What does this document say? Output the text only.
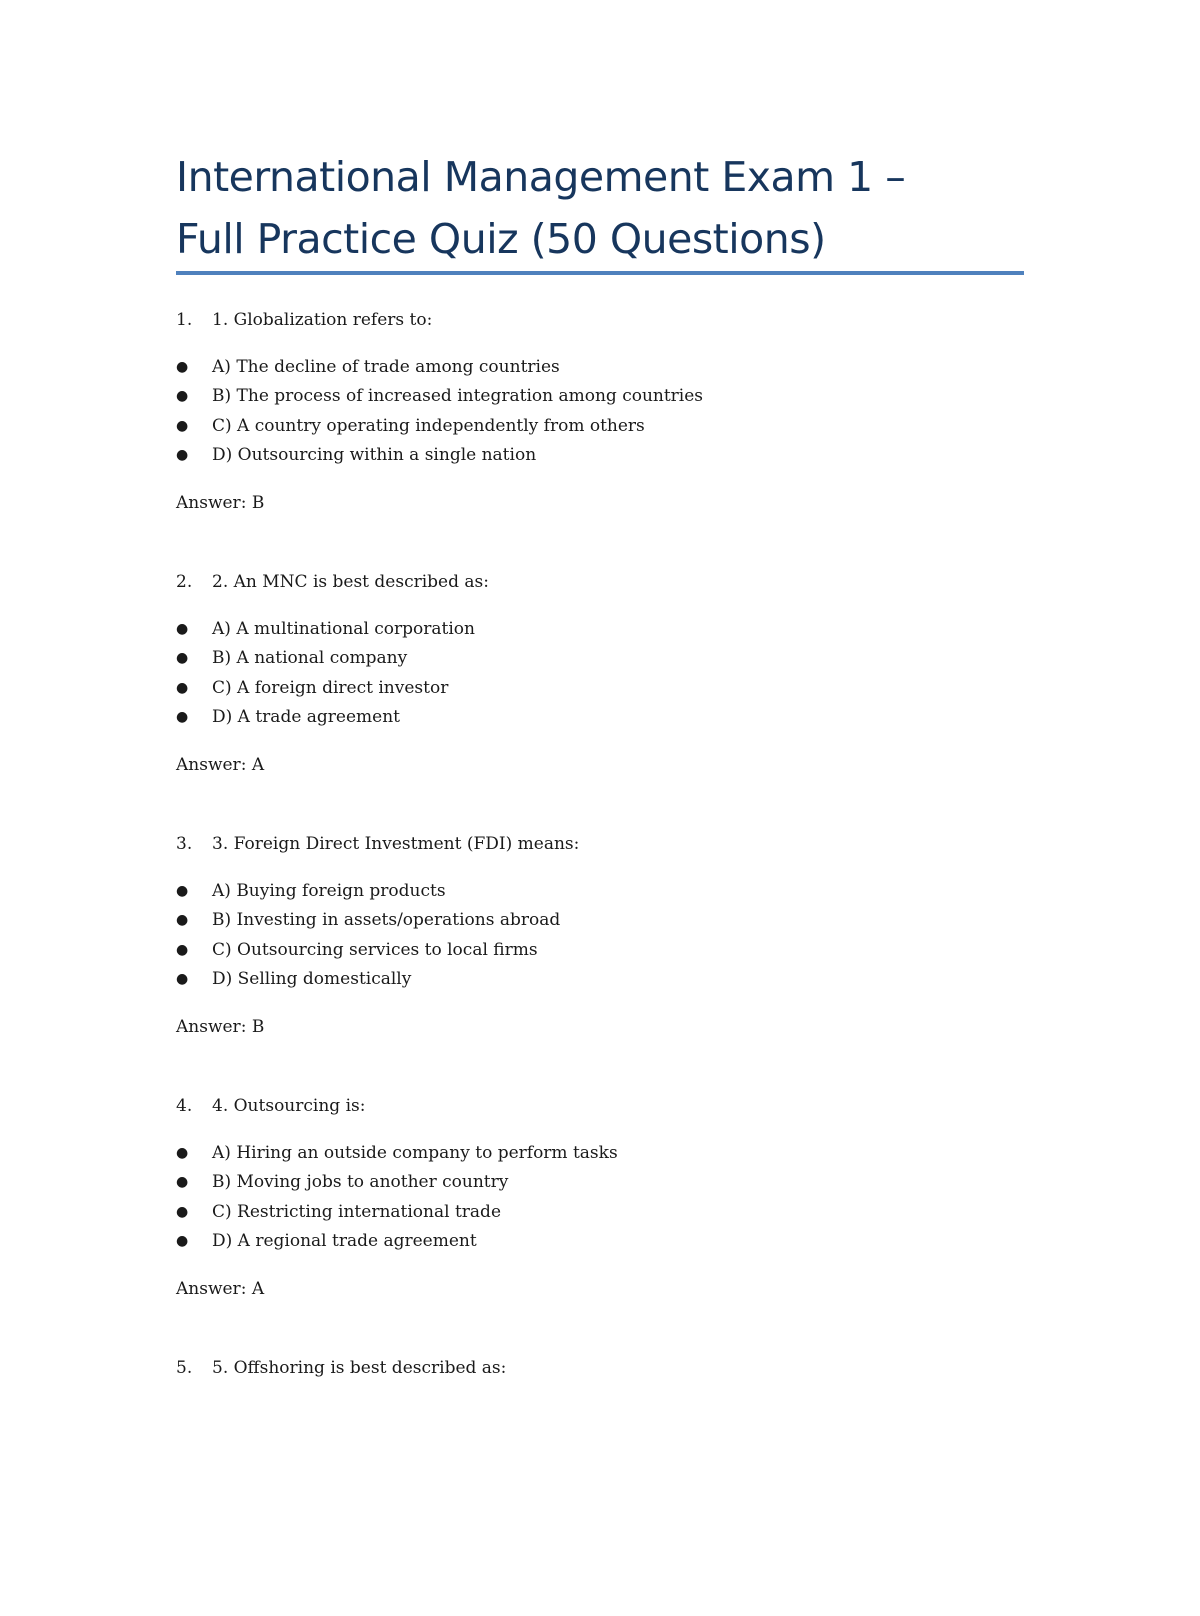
International Management Exam 1 –
Full Practice Quiz (50 Questions)
1. 1. Globalization refers to:
● A) The decline of trade among countries
● B) The process of increased integration among countries
● C) A country operating independently from others
● D) Outsourcing within a single nation
Answer: B
2. 2. An MNC is best described as:
● A) A multinational corporation
● B) A national company
● C) A foreign direct investor
● D) A trade agreement
Answer: A
3. 3. Foreign Direct Investment (FDI) means:
● A) Buying foreign products
● B) Investing in assets/operations abroad
● C) Outsourcing services to local firms
● D) Selling domestically
Answer: B
4. 4. Outsourcing is:
● A) Hiring an outside company to perform tasks
● B) Moving jobs to another country
● C) Restricting international trade
● D) A regional trade agreement
Answer: A
5. 5. Offshoring is best described as:
